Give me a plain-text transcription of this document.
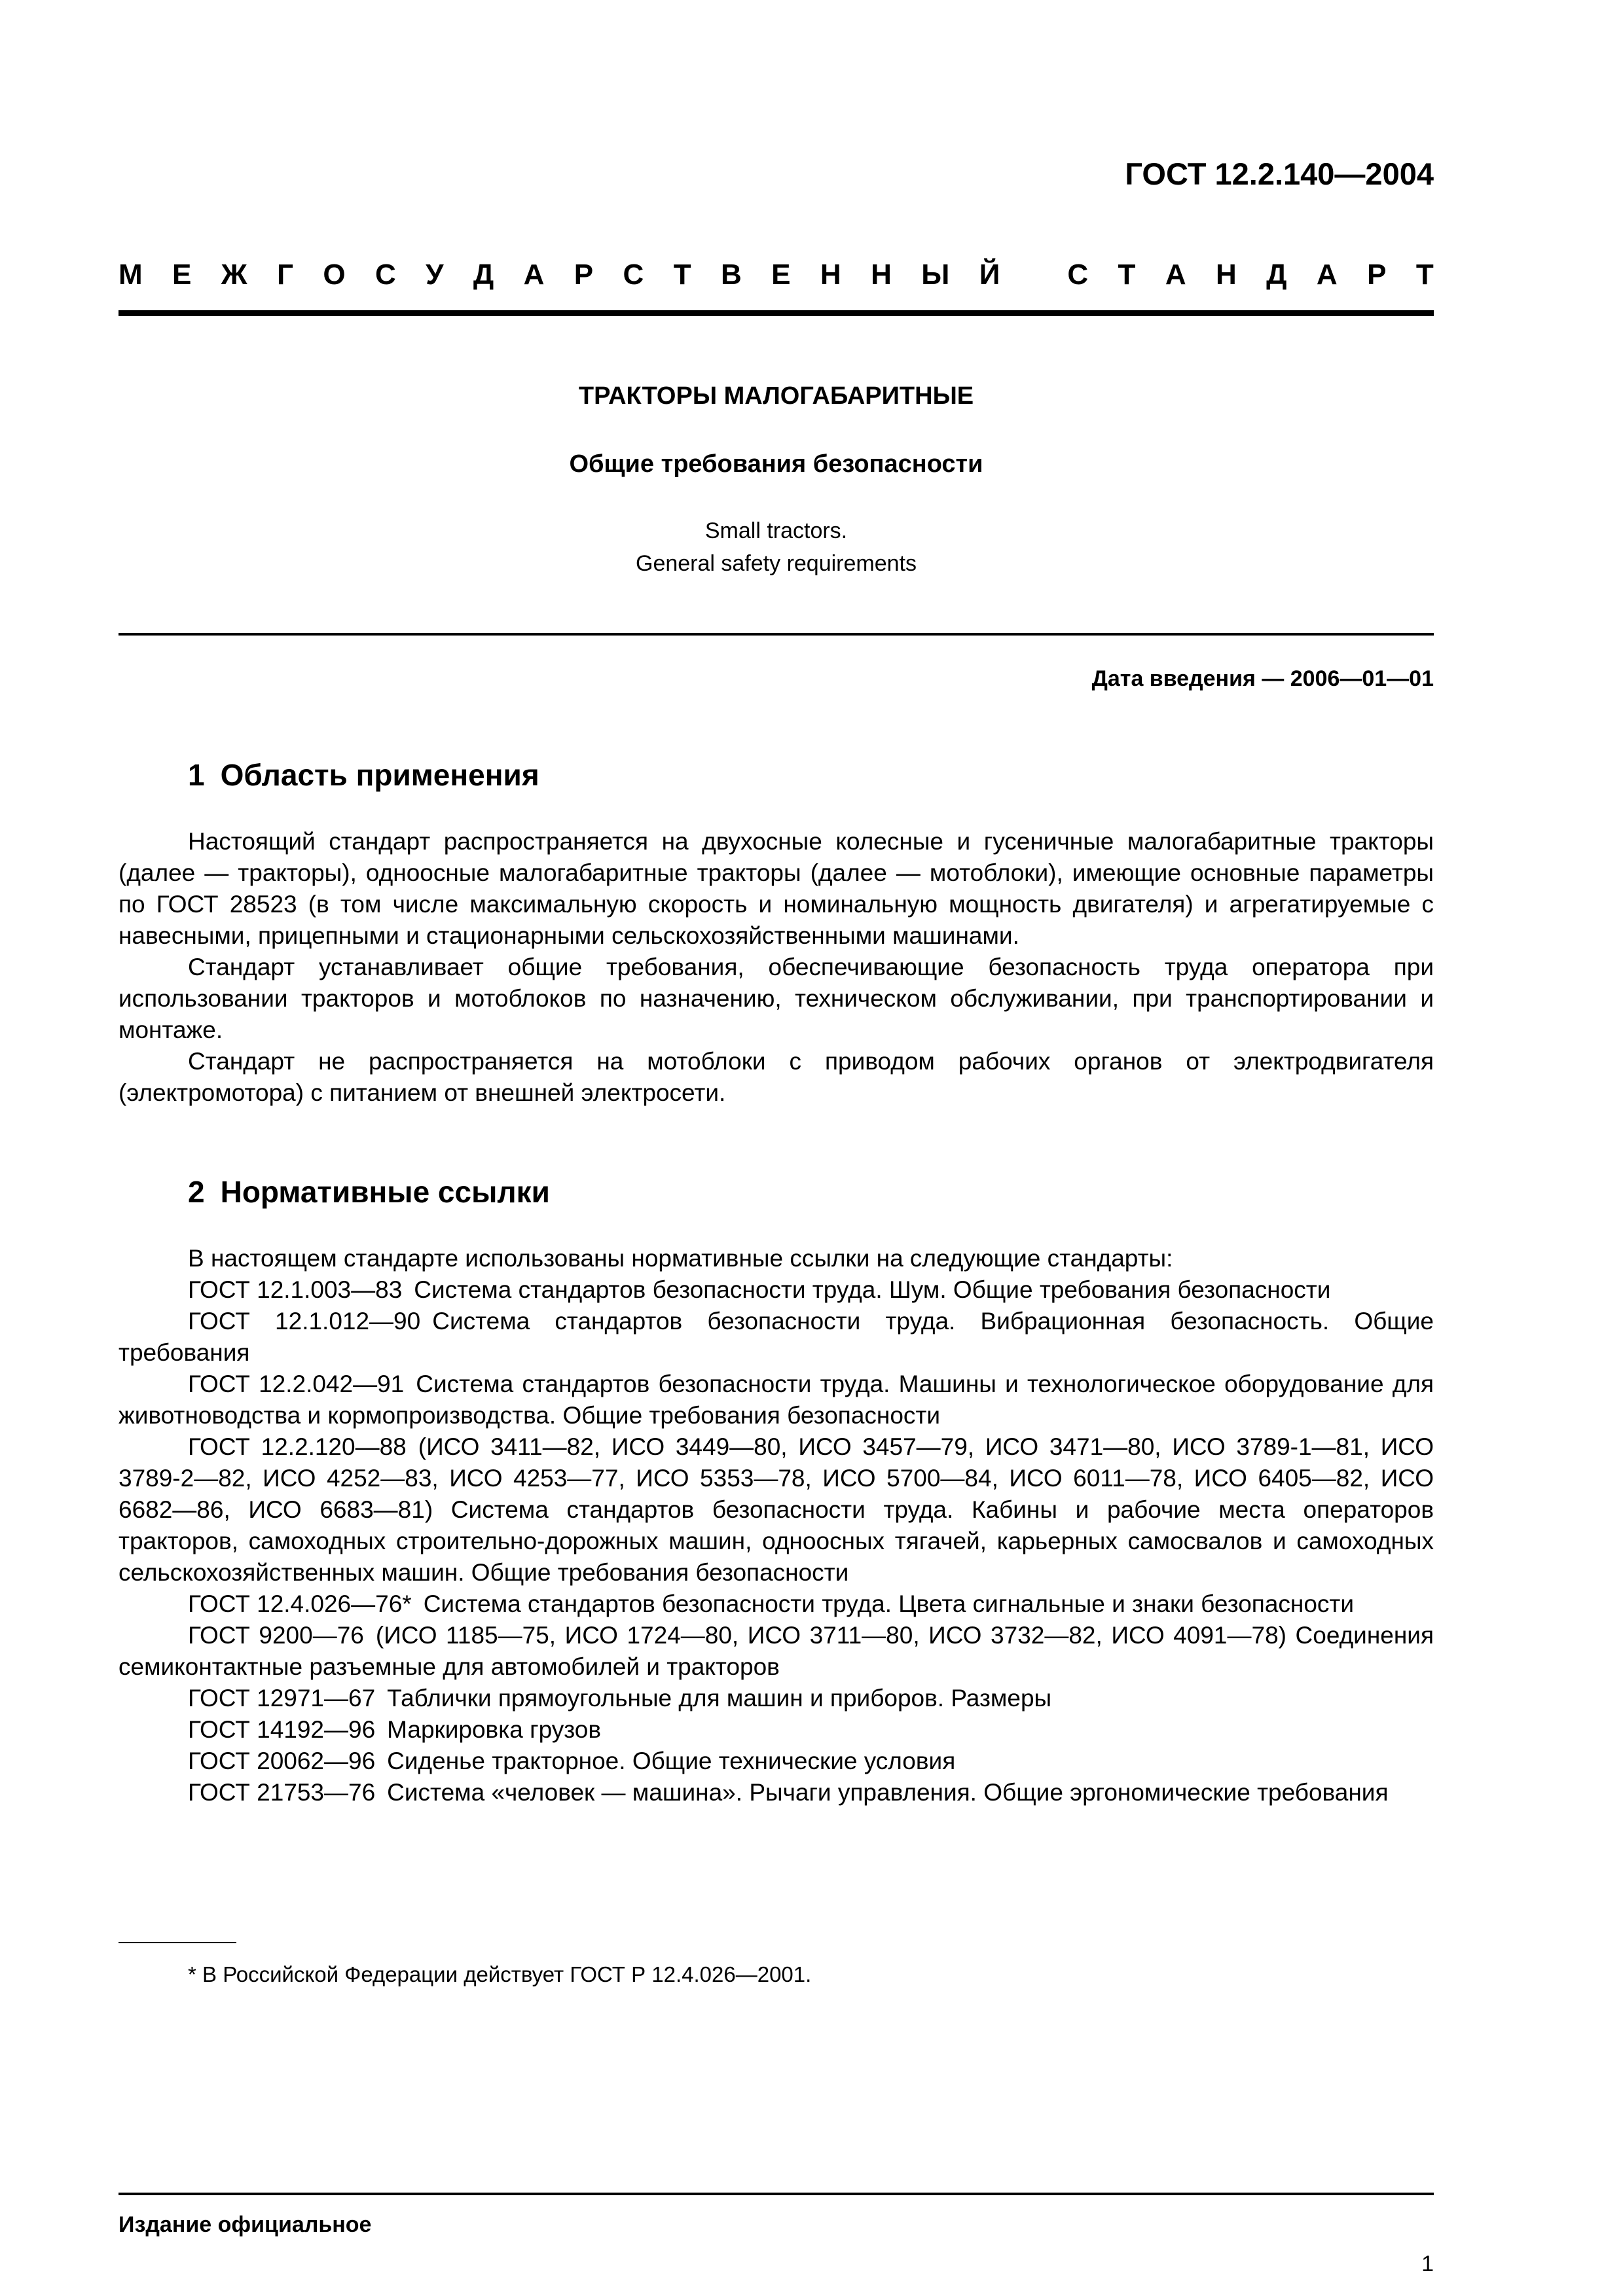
ГОСТ 12.2.140—2004
М Е Ж Г О С У Д А Р С Т В Е Н Н Ы Й
С Т А Н Д А Р Т
ТРАКТОРЫ МАЛОГАБАРИТНЫЕ
Общие требования безопасности
Small tractors.
General safety requirements
Дата введения — 2006—01—01
1 Область применения

Настоящий стандарт распространяется на двухосные колесные и гусеничные малогабаритные тракторы (далее — тракторы), одноосные малогабаритные тракторы (далее — мотоблоки), имеющие основные параметры по ГОСТ 28523 (в том числе максимальную скорость и номинальную мощность двигателя) и агрегатируемые с навесными, прицепными и стационарными сельскохозяйственными машинами.

Стандарт устанавливает общие требования, обеспечивающие безопасность труда оператора при использовании тракторов и мотоблоков по назначению, техническом обслуживании, при транспортировании и монтаже.

Стандарт не распространяется на мотоблоки с приводом рабочих органов от электродвигателя (электромотора) с питанием от внешней электросети.

2 Нормативные ссылки

В настоящем стандарте использованы нормативные ссылки на следующие стандарты:

ГОСТ 12.1.003—83 Система стандартов безопасности труда. Шум. Общие требования безопасности

ГОСТ 12.1.012—90 Система стандартов безопасности труда. Вибрационная безопасность. Общие требования

ГОСТ 12.2.042—91 Система стандартов безопасности труда. Машины и технологическое оборудование для животноводства и кормопроизводства. Общие требования безопасности

ГОСТ 12.2.120—88 (ИСО 3411—82, ИСО 3449—80, ИСО 3457—79, ИСО 3471—80, ИСО 3789-1—81, ИСО 3789-2—82, ИСО 4252—83, ИСО 4253—77, ИСО 5353—78, ИСО 5700—84, ИСО 6011—78, ИСО 6405—82, ИСО 6682—86, ИСО 6683—81) Система стандартов безопасности труда. Кабины и рабочие места операторов тракторов, самоходных строительно-дорожных машин, одноосных тягачей, карьерных самосвалов и самоходных сельскохозяйственных машин. Общие требования безопасности

ГОСТ 12.4.026—76* Система стандартов безопасности труда. Цвета сигнальные и знаки безопасности

ГОСТ 9200—76 (ИСО 1185—75, ИСО 1724—80, ИСО 3711—80, ИСО 3732—82, ИСО 4091—78) Соединения семиконтактные разъемные для автомобилей и тракторов

ГОСТ 12971—67 Таблички прямоугольные для машин и приборов. Размеры

ГОСТ 14192—96 Маркировка грузов

ГОСТ 20062—96 Сиденье тракторное. Общие технические условия

ГОСТ 21753—76 Система «человек — машина». Рычаги управления. Общие эргономические требования

* В Российской Федерации действует ГОСТ Р 12.4.026—2001.
Издание официальное
1
